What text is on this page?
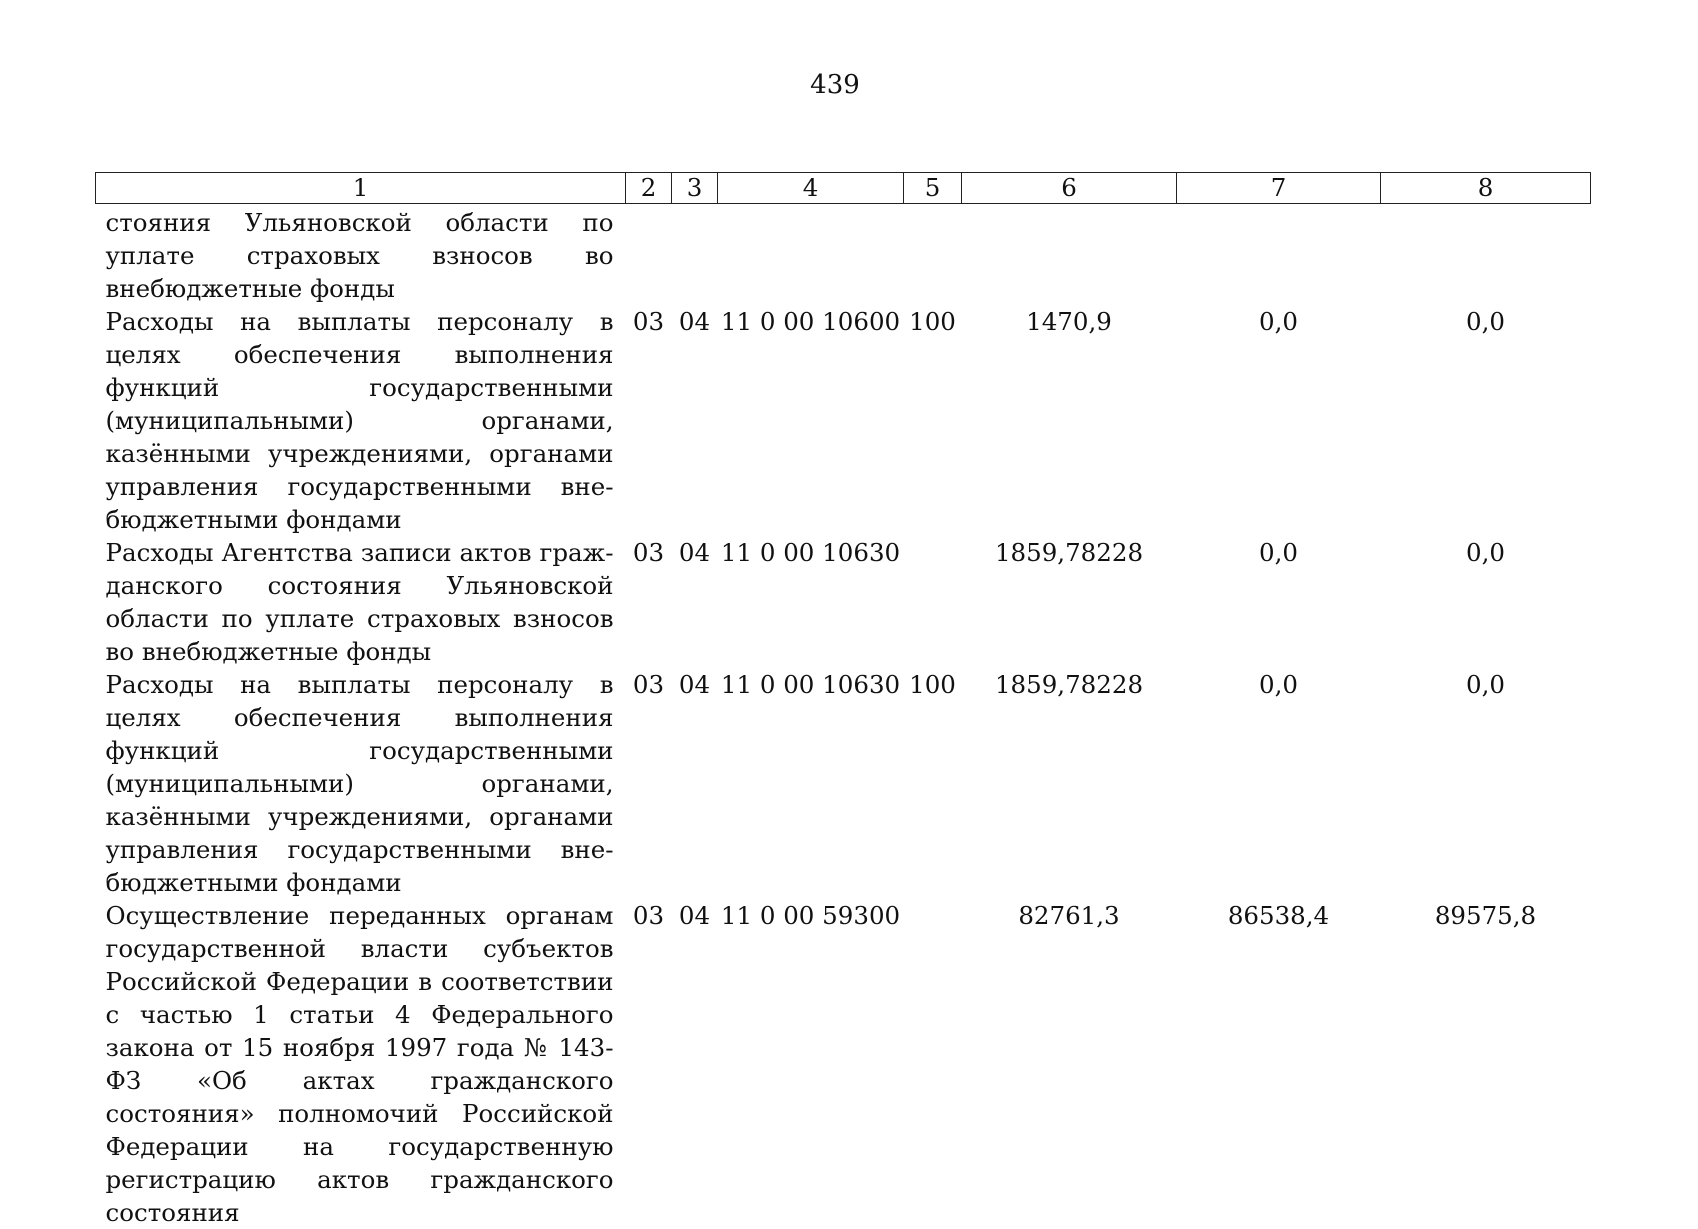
439
1	2	3	4	5	6	7	8
стояния Ульяновской области по уплате страховых взносов во внебюджетные фонды							
Расходы на выплаты персоналу в целях обеспечения выполнения функций государственными (муниципальными) органами, казёнными учреждениями, органами управления государственными внебюджетными фондами	03	04	11 0 00 10600	100	1470,9	0,0	0,0
Расходы Агентства записи актов гражданского состояния Ульяновской области по уплате страховых взносов во внебюджетные фонды	03	04	11 0 00 10630		1859,78228	0,0	0,0
Расходы на выплаты персоналу в целях обеспечения выполнения функций государственными (муниципальными) органами, казёнными учреждениями, органами управления государственными внебюджетными фондами	03	04	11 0 00 10630	100	1859,78228	0,0	0,0
Осуществление переданных органам государственной власти субъектов Российской Федерации в соответствии с частью 1 статьи 4 Федерального закона от 15 ноября 1997 года № 143-ФЗ «Об актах гражданского состояния» полномочий Российской Федерации на государственную регистрацию актов гражданского состояния	03	04	11 0 00 59300		82761,3	86538,4	89575,8
